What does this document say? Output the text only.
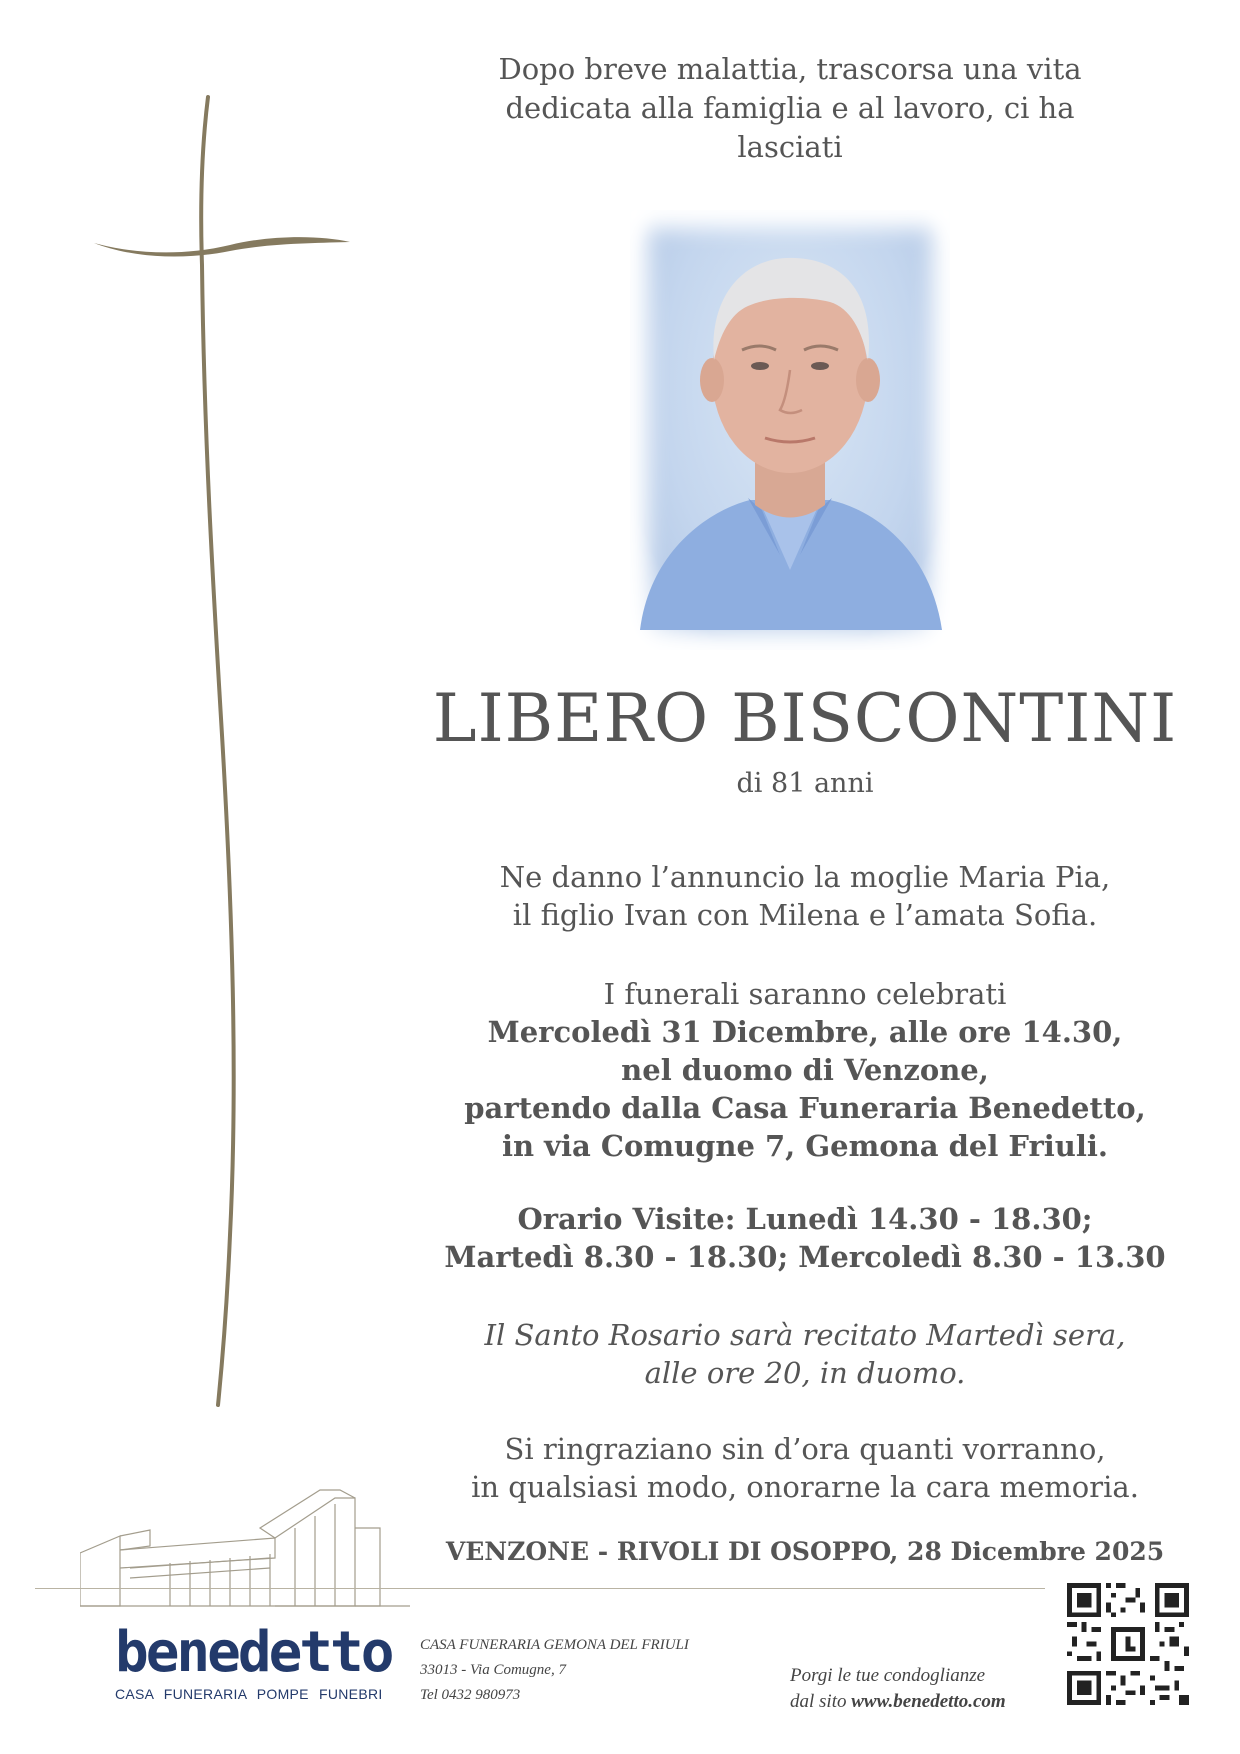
Dopo breve malattia, trascorsa una vita
dedicata alla famiglia e al lavoro, ci ha
lasciati
LIBERO BISCONTINI
di 81 anni
Ne danno l’annuncio la moglie Maria Pia,
il figlio Ivan con Milena e l’amata Sofia.
I funerali saranno celebrati
Mercoledì 31 Dicembre, alle ore 14.30,
nel duomo di Venzone,
partendo dalla Casa Funeraria Benedetto,
in via Comugne 7, Gemona del Friuli.
Orario Visite: Lunedì 14.30 - 18.30;
Martedì 8.30 - 18.30; Mercoledì 8.30 - 13.30
Il Santo Rosario sarà recitato Martedì sera,
alle ore 20, in duomo.
Si ringraziano sin d’ora quanti vorranno,
in qualsiasi modo, onorarne la cara memoria.
VENZONE - RIVOLI DI OSOPPO, 28 Dicembre 2025
benedetto
CASA FUNERARIA POMPE FUNEBRI
CASA FUNERARIA GEMONA DEL FRIULI
33013 - Via Comugne, 7
Tel 0432 980973
Porgi le tue condoglianze
dal sito www.benedetto.com
